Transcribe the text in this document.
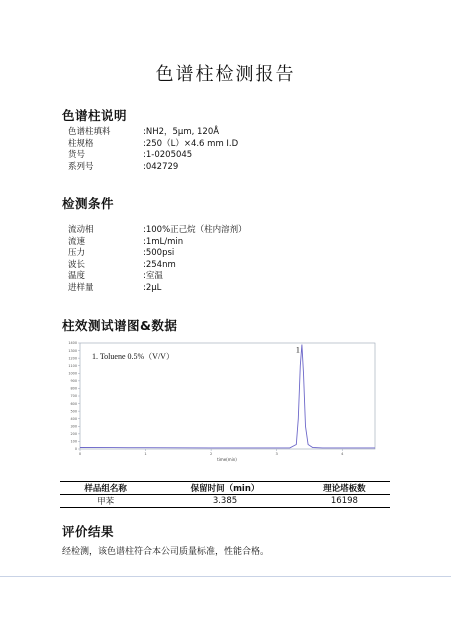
色谱柱检测报告
色谱柱说明
色谱柱填料	:NH2，5μm, 120Å
柱规格	:250（L）×4.6 mm I.D
货号	:1-0205045
系列号	:042729
检测条件
流动相	:100%正己烷（柱内溶剂）
流速	:1mL/min
压力	:500psi
波长	:254nm
温度	:室温
进样量	:2μL
柱效测试谱图&数据
0
100
200
300
400
500
600
700
800
900
1000
1100
1200
1300
1400
0	1	2	3	4
1. Toluene 0.5%（V/V）
1
time(min)
样品组名称	保留时间（min）	理论塔板数
甲苯	3.385	16198
评价结果
经检测，该色谱柱符合本公司质量标准，性能合格。
